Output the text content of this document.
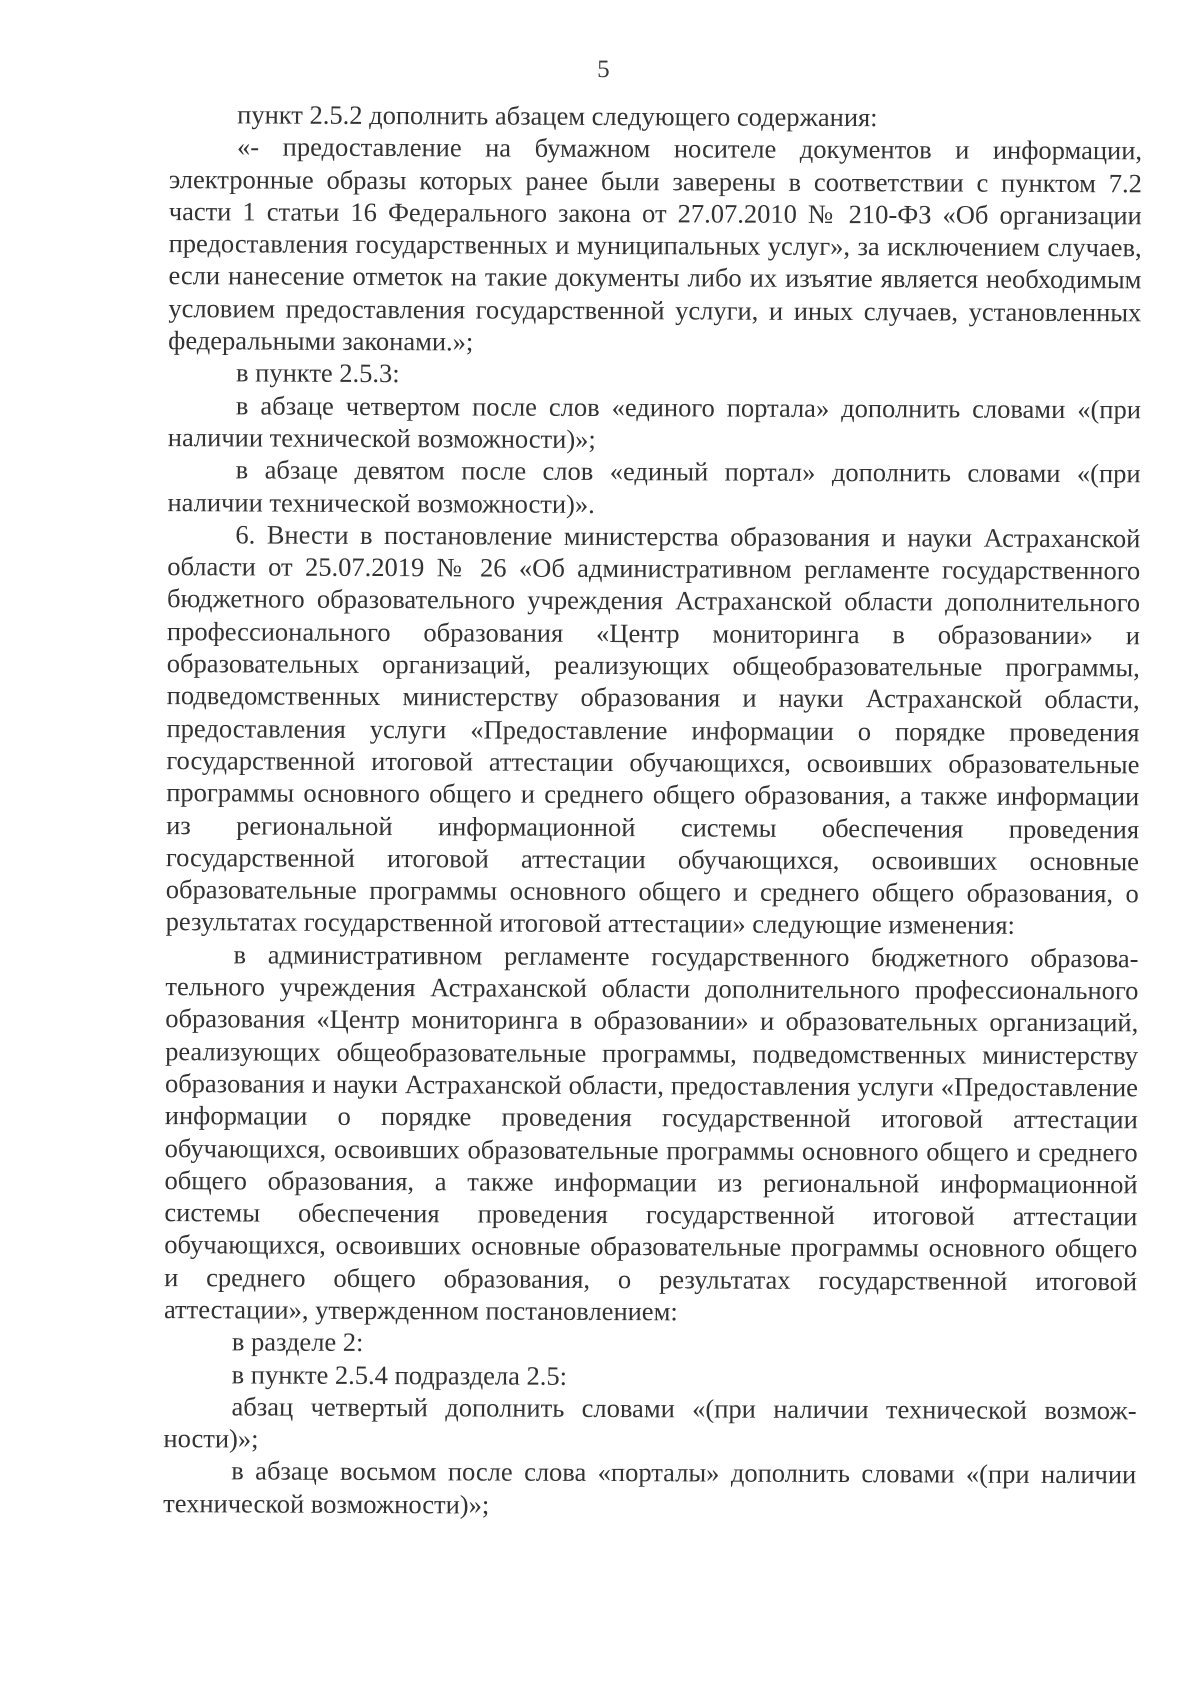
5

пункт 2.5.2 дополнить абзацем следующего содержания:

«- предоставление на бумажном носителе документов и информации, электронные образы которых ранее были заверены в соответствии с пунктом 7.2 части 1 статьи 16 Федерального закона от 27.07.2010 № 210-ФЗ «Об организации предоставления государственных и муниципальных услуг», за исключением случаев, если нанесение отметок на такие документы либо их изъятие является необходимым условием предоставления государственной услуги, и иных случаев, установленных федеральными законами.»;

в пункте 2.5.3:

в абзаце четвертом после слов «единого портала» дополнить словами «(при наличии технической возможности)»;

в абзаце девятом после слов «единый портал» дополнить словами «(при наличии технической возможности)».

6. Внести в постановление министерства образования и науки Астраханской области от 25.07.2019 № 26 «Об административном регламенте государственного бюджетного образовательного учреждения Астраханской области дополнительного профессионального образования «Центр мониторинга в образовании» и образовательных организаций, реализующих общеобразовательные программы, подведомственных министерству образования и науки Астраханской области, предоставления услуги «Предоставление информации о порядке проведения государственной итоговой аттестации обучающихся, освоивших образовательные программы основного общего и среднего общего образования, а также информации из региональной информационной системы обеспечения проведения государственной итоговой аттестации обучающихся, освоивших основные образовательные программы основного общего и среднего общего образования, о результатах государственной итоговой аттестации» следующие изменения:

в административном регламенте государственного бюджетного образовательного учреждения Астраханской области дополнительного профессионального образования «Центр мониторинга в образовании» и образовательных организаций, реализующих общеобразовательные программы, подведомственных министерству образования и науки Астраханской области, предоставления услуги «Предоставление информации о порядке проведения государственной итоговой аттестации обучающихся, освоивших образовательные программы основного общего и среднего общего образования, а также информации из региональной информационной системы обеспечения проведения государственной итоговой аттестации обучающихся, освоивших основные образовательные программы основного общего и среднего общего образования, о результатах государственной итоговой аттестации», утвержденном постановлением:

в разделе 2:

в пункте 2.5.4 подраздела 2.5:

абзац четвертый дополнить словами «(при наличии технической возможности)»;

в абзаце восьмом после слова «порталы» дополнить словами «(при наличии технической возможности)»;
